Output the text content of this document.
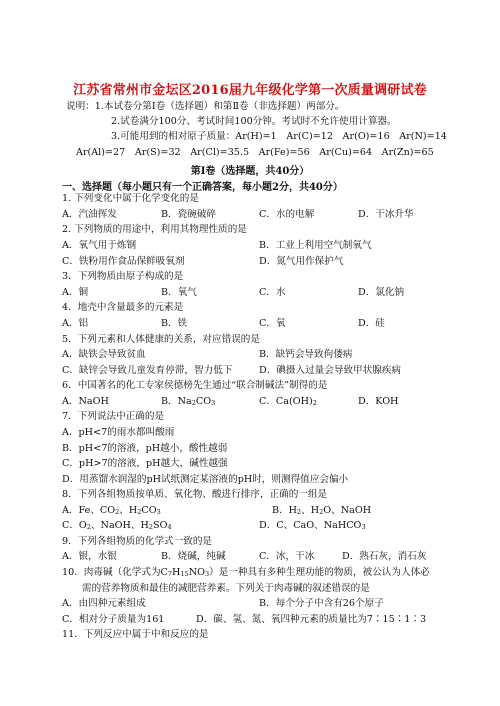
江苏省常州市金坛区2016届九年级化学第一次质量调研试卷
说明：1.本试卷分第Ⅰ卷（选择题）和第Ⅱ卷（非选择题）两部分。
2.试卷满分100分、考试时间100分钟。考试时不允许使用计算器。
3.可能用到的相对原子质量：Ar(H)=1　Ar(C)=12　Ar(O)=16　Ar(N)=14
Ar(Al)=27　Ar(S)=32　Ar(Cl)=35.5　Ar(Fe)=56　Ar(Cu)=64　Ar(Zn)=65
第Ⅰ卷（选择题，共40分）
一、选择题（每小题只有一个正确答案，每小题2分，共40分）
1. 下列变化中属于化学变化的是
A．汽油挥发	B．瓷碗破碎	C．水的电解	D．干冰升华
2. 下列物质的用途中，利用其物理性质的是
A．氧气用于炼钢	B．工业上利用空气制氧气
C．铁粉用作食品保鲜吸氧剂	D．氮气用作保护气
3．下列物质由原子构成的是
A．铜	B．氧气	C．水	D．氯化钠
4．地壳中含量最多的元素是
A．铝	B．铁	C．氧	D．硅
5．下列元素和人体健康的关系，对应错误的是
A．缺铁会导致贫血	B．缺钙会导致佝偻病
C．缺锌会导致儿童发育停滞，智力低下	D．碘摄入过量会导致甲状腺疾病
6．中国著名的化工专家侯德榜先生通过“联合制碱法”制得的是
A．NaOH	B．$Na_2CO_3$	C．$Ca(OH)_2$	D．KOH
7．下列说法中正确的是
A．pH<7的雨水都叫酸雨
B．pH<7的溶液，pH越小，酸性越弱
C．pH>7的溶液，pH越大，碱性越强
D．用蒸馏水润湿的pH试纸测定某溶液的pH时，则测得值应会偏小
8．下列各组物质按单质、氧化物、酸进行排序，正确的一组是
A．Fe、$CO_2$、$H_2CO_3$	B．$H_2$、$H_2O$、NaOH
C．$O_2$、NaOH、$H_2SO_4$	D．C、CaO、NaHCO$_3$
9．下列各组物质的化学式一致的是
A．银，水银	B．烧碱，纯碱	C．冰，干冰	D．熟石灰，消石灰
10．肉毒碱（化学式为$C_7H_{15}NO_3$）是一种具有多种生理功能的物质，被公认为人体必
需的营养物质和最佳的减肥营养素。下列关于肉毒碱的叙述错误的是
A．由四种元素组成	B．每个分子中含有26个原子
C．相对分子质量为161	D．碳、氢、氮、氧四种元素的质量比为7∶15∶1∶3
11．下列反应中属于中和反应的是
